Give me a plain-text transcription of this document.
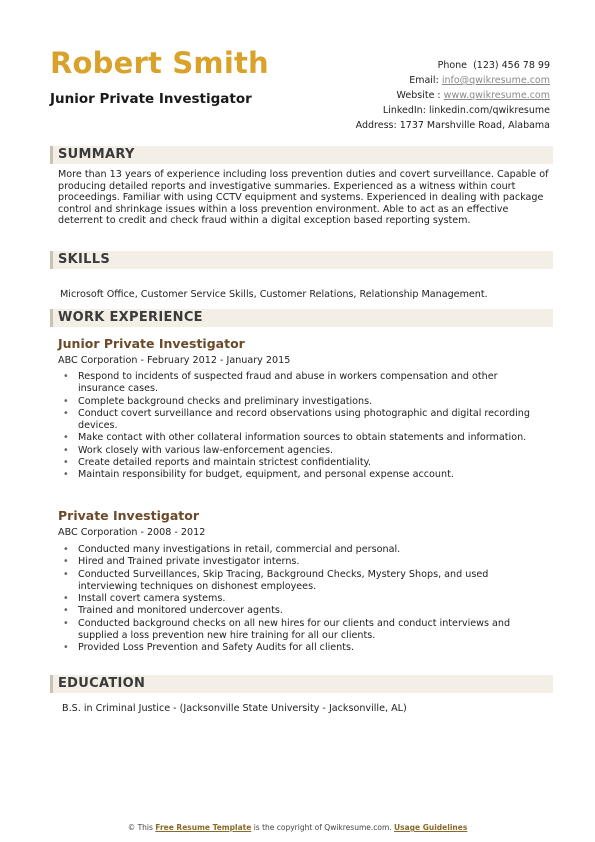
Robert Smith
Junior Private Investigator
Phone (123) 456 78 99
Email: info@qwikresume.com
Website : www.qwikresume.com
LinkedIn: linkedin.com/qwikresume
Address: 1737 Marshville Road, Alabama
SUMMARY
More than 13 years of experience including loss prevention duties and covert surveillance. Capable of producing detailed reports and investigative summaries. Experienced as a witness within court proceedings. Familiar with using CCTV equipment and systems. Experienced in dealing with package control and shrinkage issues within a loss prevention environment. Able to act as an effective deterrent to credit and check fraud within a digital exception based reporting system.
SKILLS
Microsoft Office, Customer Service Skills, Customer Relations, Relationship Management.
WORK EXPERIENCE
Junior Private Investigator
ABC Corporation - February 2012 - January 2015
• Respond to incidents of suspected fraud and abuse in workers compensation and other insurance cases.
• Complete background checks and preliminary investigations.
• Conduct covert surveillance and record observations using photographic and digital recording devices.
• Make contact with other collateral information sources to obtain statements and information.
• Work closely with various law-enforcement agencies.
• Create detailed reports and maintain strictest confidentiality.
• Maintain responsibility for budget, equipment, and personal expense account.
Private Investigator
ABC Corporation - 2008 - 2012
• Conducted many investigations in retail, commercial and personal.
• Hired and Trained private investigator interns.
• Conducted Surveillances, Skip Tracing, Background Checks, Mystery Shops, and used interviewing techniques on dishonest employees.
• Install covert camera systems.
• Trained and monitored undercover agents.
• Conducted background checks on all new hires for our clients and conduct interviews and supplied a loss prevention new hire training for all our clients.
• Provided Loss Prevention and Safety Audits for all clients.
EDUCATION
B.S. in Criminal Justice - (Jacksonville State University - Jacksonville, AL)
© This Free Resume Template is the copyright of Qwikresume.com. Usage Guidelines
